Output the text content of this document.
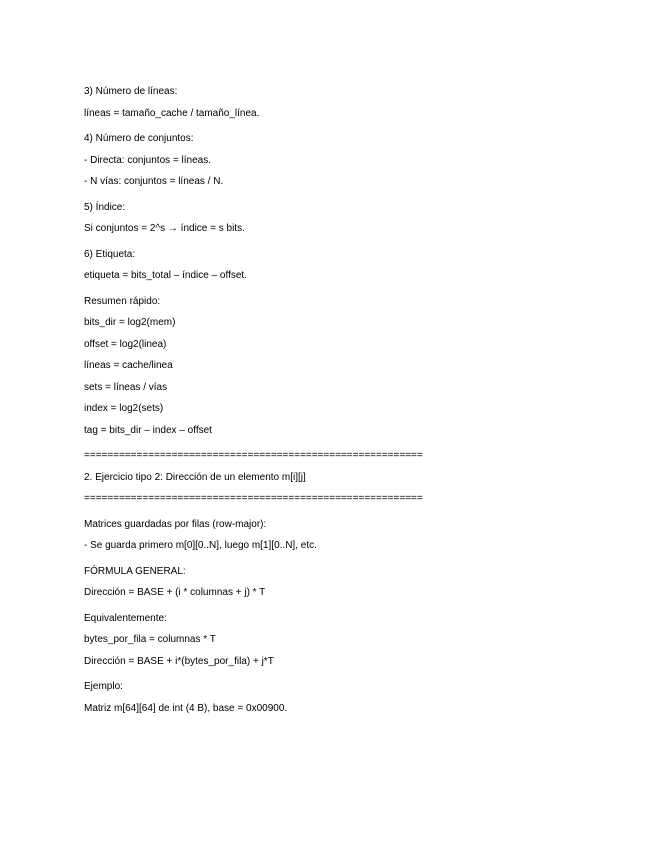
3) Número de líneas:

líneas = tamaño_cache / tamaño_línea.

4) Número de conjuntos:

- Directa: conjuntos = líneas.

- N vías: conjuntos = líneas / N.

5) Índice:

Si conjuntos = 2^s → índice = s bits.

6) Etiqueta:

etiqueta = bits_total – índice – offset.

Resumen rápido:

bits_dir = log2(mem)

offset = log2(linea)

líneas = cache/linea

sets = líneas / vías

index = log2(sets)

tag = bits_dir – index – offset

==========================================================

2. Ejercicio tipo 2: Dirección de un elemento m[i][j]

==========================================================

Matrices guardadas por filas (row-major):

- Se guarda primero m[0][0..N], luego m[1][0..N], etc.

FÓRMULA GENERAL:

Dirección = BASE + (i * columnas + j) * T

Equivalentemente:

bytes_por_fila = columnas * T

Dirección = BASE + i*(bytes_por_fila) + j*T

Ejemplo:

Matriz m[64][64] de int (4 B), base = 0x00900.
